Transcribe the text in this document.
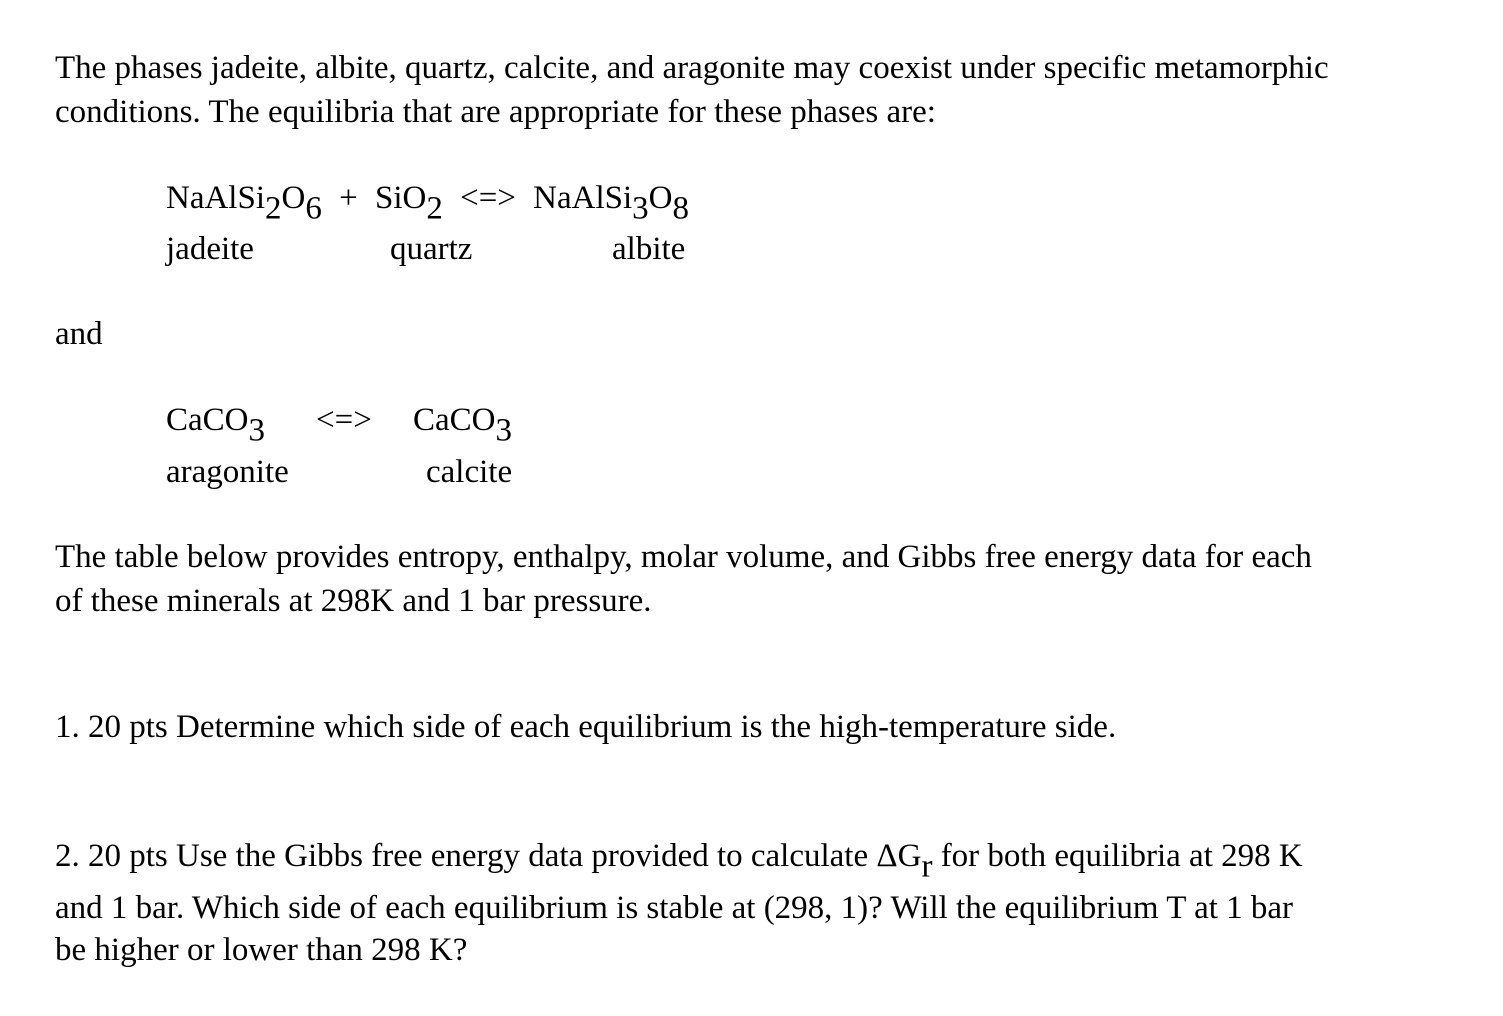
The phases jadeite, albite, quartz, calcite, and aragonite may coexist under specific metamorphic
conditions. The equilibria that are appropriate for these phases are:
$NaAlSi_2O_6 + SiO_2$ <=> $NaAlSi_3O_8$
jadeite	quartz	albite
and
CaCO$_3$ <=> CaCO$_3$
aragonite	calcite
The table below provides entropy, enthalpy, molar volume, and Gibbs free energy data for each
of these minerals at 298K and 1 bar pressure.
1. 20 pts Determine which side of each equilibrium is the high-temperature side.
2. 20 pts Use the Gibbs free energy data provided to calculate $\Delta G_r$ for both equilibria at 298 K
and 1 bar. Which side of each equilibrium is stable at (298, 1)? Will the equilibrium T at 1 bar
be higher or lower than 298 K?
